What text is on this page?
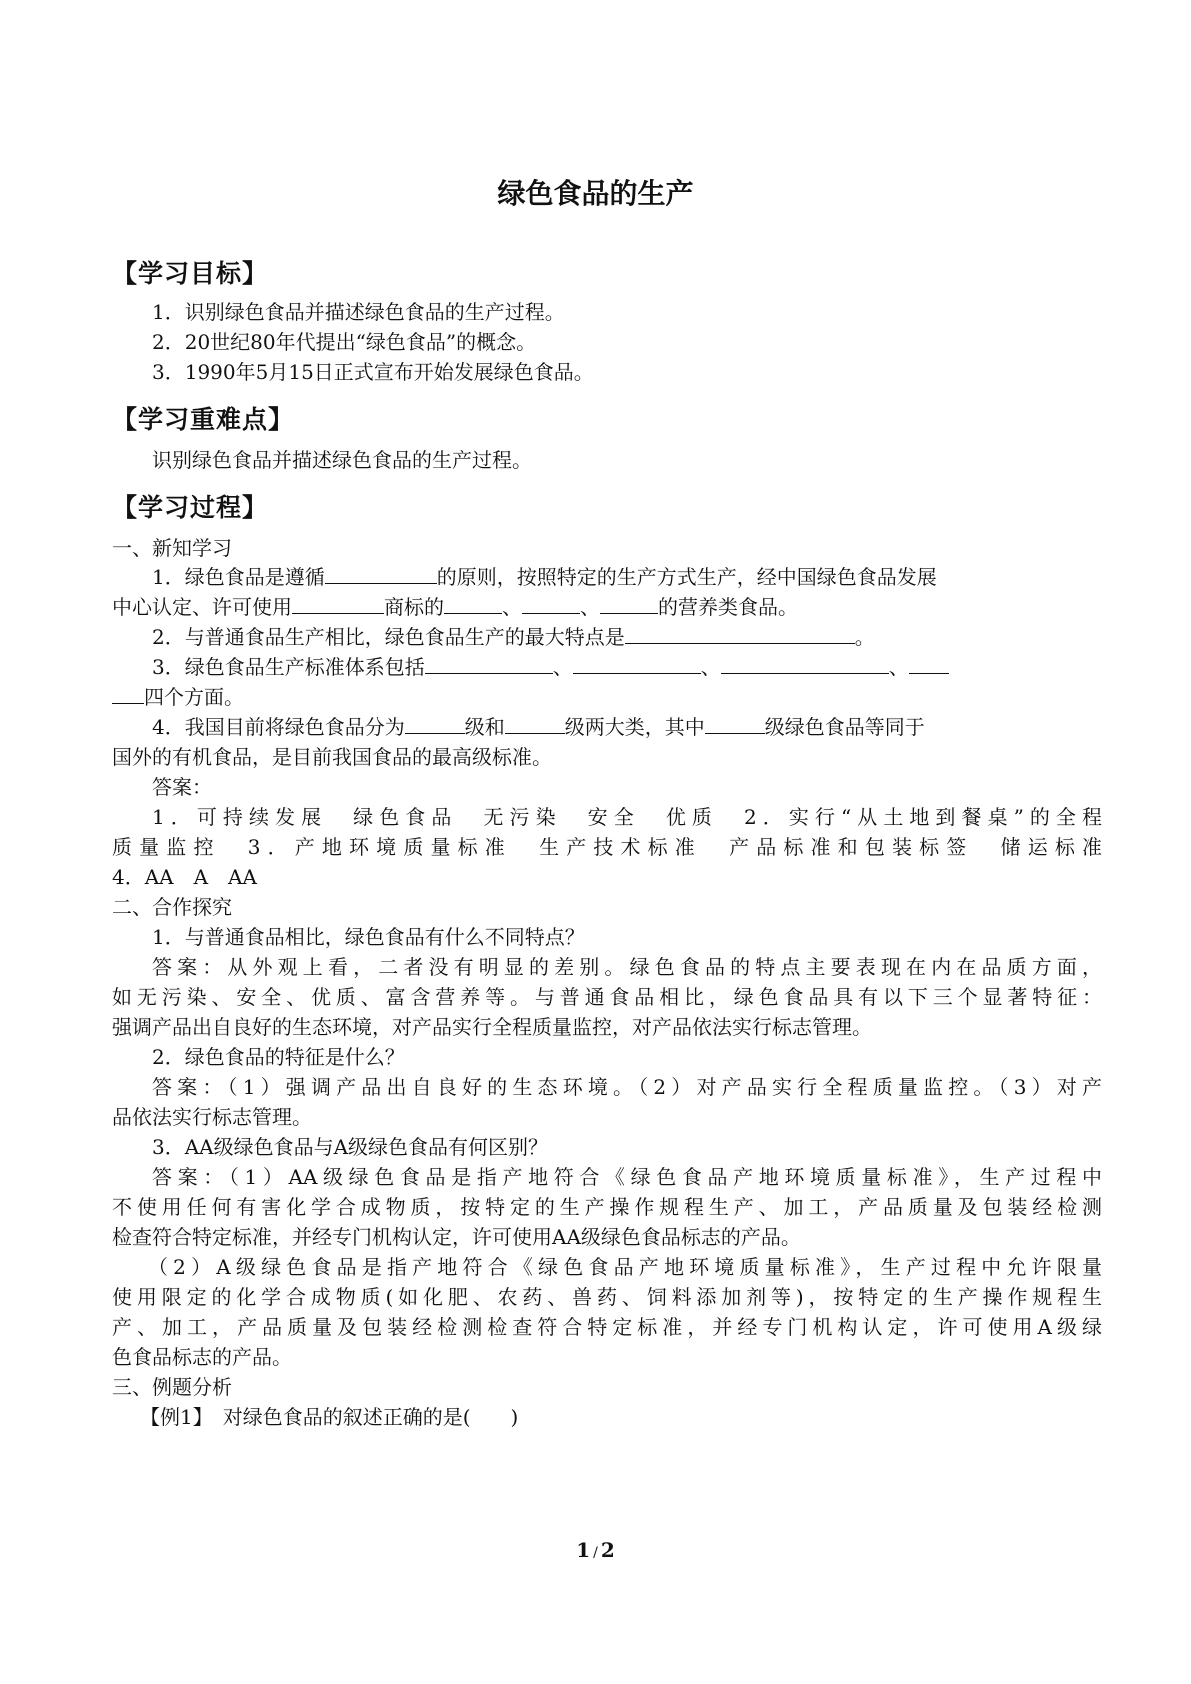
绿色食品的生产
【学习目标】
1．识别绿色食品并描述绿色食品的生产过程。
2．20世纪80年代提出“绿色食品”的概念。
3．1990年5月15日正式宣布开始发展绿色食品。
【学习重难点】
识别绿色食品并描述绿色食品的生产过程。
【学习过程】
一、新知学习
1．绿色食品是遵循	的原则，按照特定的生产方式生产，经中国绿色食品发展
中心认定、许可使用	商标的	、	、	的营养类食品。
2．与普通食品生产相比，绿色食品生产的最大特点是	。
3．绿色食品生产标准体系包括	、	、	、
四个方面。
4．我国目前将绿色食品分为	级和	级两大类，其中	级绿色食品等同于
国外的有机食品，是目前我国食品的最高级标准。
答案：
1．可持续发展　绿色食品　无污染　安全　优质　2．实行“从土地到餐桌”的全程
质量监控　3．产地环境质量标准　生产技术标准　产品标准和包装标签　储运标准
4．AA　A　AA
二、合作探究
1．与普通食品相比，绿色食品有什么不同特点？
答案：从外观上看，二者没有明显的差别。绿色食品的特点主要表现在内在品质方面，
如无污染、安全、优质、富含营养等。与普通食品相比，绿色食品具有以下三个显著特征：
强调产品出自良好的生态环境，对产品实行全程质量监控，对产品依法实行标志管理。
2．绿色食品的特征是什么？
答案：（1）强调产品出自良好的生态环境。（2）对产品实行全程质量监控。（3）对产
品依法实行标志管理。
3．AA级绿色食品与A级绿色食品有何区别？
答案：（1）AA级绿色食品是指产地符合《绿色食品产地环境质量标准》，生产过程中
不使用任何有害化学合成物质，按特定的生产操作规程生产、加工，产品质量及包装经检测
检查符合特定标准，并经专门机构认定，许可使用AA级绿色食品标志的产品。
（2）A级绿色食品是指产地符合《绿色食品产地环境质量标准》，生产过程中允许限量
使用限定的化学合成物质(如化肥、农药、兽药、饲料添加剂等)，按特定的生产操作规程生
产、加工，产品质量及包装经检测检查符合特定标准，并经专门机构认定，许可使用A级绿
色食品标志的产品。
三、例题分析
【例1】　对绿色食品的叙述正确的是(　　)
1 / 2
